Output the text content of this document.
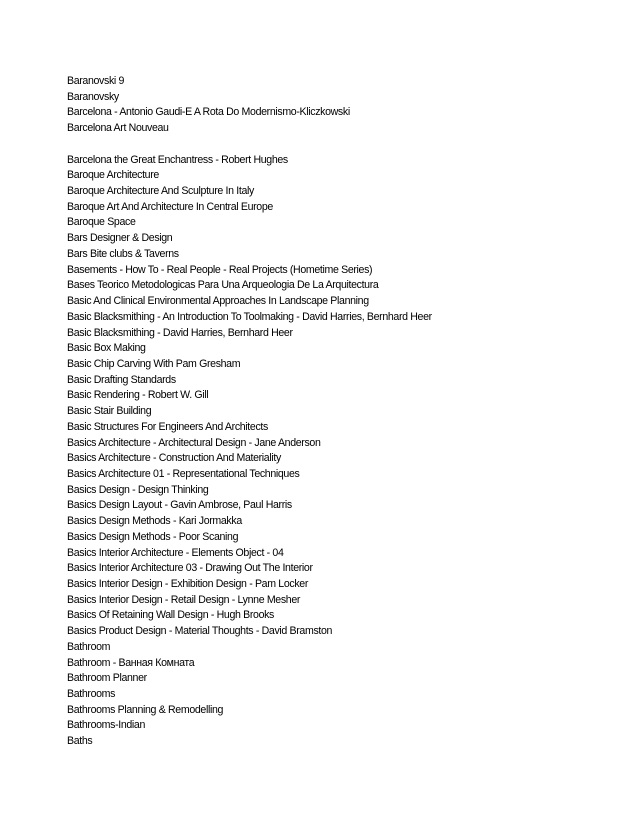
Baranovski 9
Baranovsky
Barcelona - Antonio Gaudi-E A Rota Do Modernismo-Kliczkowski
Barcelona Art Nouveau
Barcelona the Great Enchantress - Robert Hughes
Baroque Architecture
Baroque Architecture And Sculpture In Italy
Baroque Art And Architecture In Central Europe
Baroque Space
Bars Designer & Design
Bars Bite clubs & Taverns
Basements - How To - Real People - Real Projects (Hometime Series)
Bases Teorico Metodologicas Para Una Arqueologia De La Arquitectura
Basic And Clinical Environmental Approaches In Landscape Planning
Basic Blacksmithing - An Introduction To Toolmaking - David Harries, Bernhard Heer
Basic Blacksmithing - David Harries, Bernhard Heer
Basic Box Making
Basic Chip Carving With Pam Gresham
Basic Drafting Standards
Basic Rendering - Robert W. Gill
Basic Stair Building
Basic Structures For Engineers And Architects
Basics Architecture - Architectural Design - Jane Anderson
Basics Architecture - Construction And Materiality
Basics Architecture 01 - Representational Techniques
Basics Design - Design Thinking
Basics Design Layout - Gavin Ambrose, Paul Harris
Basics Design Methods - Kari Jormakka
Basics Design Methods - Poor Scaning
Basics Interior Architecture - Elements Object - 04
Basics Interior Architecture 03 - Drawing Out The Interior
Basics Interior Design - Exhibition Design - Pam Locker
Basics Interior Design - Retail Design - Lynne Mesher
Basics Of Retaining Wall Design - Hugh Brooks
Basics Product Design - Material Thoughts - David Bramston
Bathroom
Bathroom - Ванная Комната
Bathroom Planner
Bathrooms
Bathrooms Planning & Remodelling
Bathrooms-Indian
Baths
